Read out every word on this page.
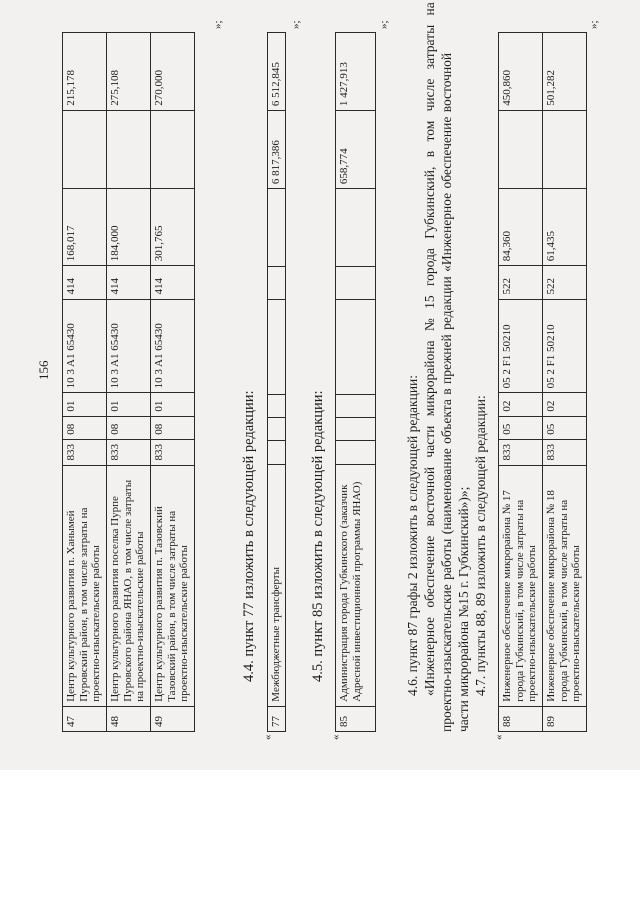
156
47	Центр культурного развития п. Ханымей Пуровский район, в том числе затраты на проектно-изыскательские работы	833	08	01	10 3 A1 65430	414	168,017		215,178
48	Центр культурного развития поселка Пурпе Пуровского района ЯНАО, в том числе затраты на проектно-изыскательские работы	833	08	01	10 3 A1 65430	414	184,000		275,108
49	Центр культурного развития п. Тазовский Тазовский район, в том числе затраты на проектно-изыскательские работы	833	08	01	10 3 A1 65430	414	301,765		270,000
»;
4.4. пункт 77 изложить в следующей редакции:
«
77	Межбюджетные трансферты							6 817,386	6 512,845
»;
4.5. пункт 85 изложить в следующей редакции:
«
85	Администрация города Губкинского (заказчик Адресной инвестиционной программы ЯНАО)							658,774	1 427,913
»;
4.6. пункт 87 графы 2 изложить в следующей редакции: «Инженерное обеспечение восточной части микрорайона № 15 города Губкинский, в том числе затраты на проектно-изыскательские работы (наименование объекта в прежней редакции «Инженерное обеспечение восточной части микрорайона №15 г. Губкинский»)»; 4.7. пункты 88, 89 изложить в следующей редакции:
«
88	Инженерное обеспечение микрорайона № 17 города Губкинский, в том числе затраты на проектно-изыскательские работы	833	05	02	05 2 F1 50210	522	84,360		450,860
89	Инженерное обеспечение микрорайона № 18 города Губкинский, в том числе затраты на проектно-изыскательские работы	833	05	02	05 2 F1 50210	522	61,435		501,282
»;
